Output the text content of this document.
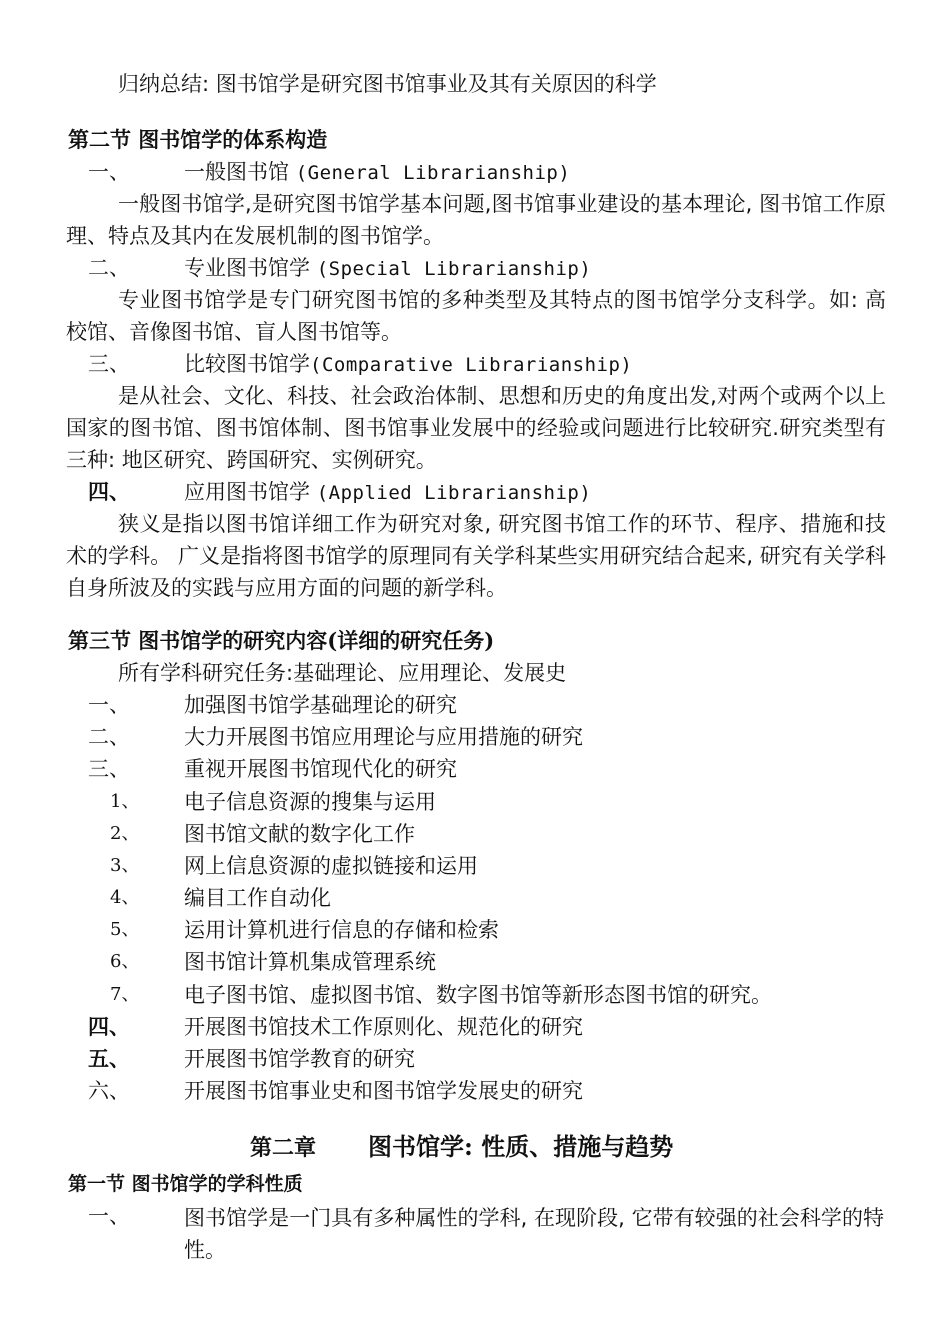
归纳总结: 图书馆学是研究图书馆事业及其有关原因的科学
第二节 图书馆学的体系构造
一、	一般图书馆 (General Librarianship)
一般图书馆学,是研究图书馆学基本问题,图书馆事业建设的基本理论, 图书馆工作原理、特点及其内在发展机制的图书馆学。
二、	专业图书馆学 (Special Librarianship)
专业图书馆学是专门研究图书馆的多种类型及其特点的图书馆学分支科学。如: 高校馆、音像图书馆、盲人图书馆等。
三、	比较图书馆学(Comparative Librarianship)
是从社会、文化、科技、社会政治体制、思想和历史的角度出发,对两个或两个以上国家的图书馆、图书馆体制、图书馆事业发展中的经验或问题进行比较研究.研究类型有三种: 地区研究、跨国研究、实例研究。
四、	应用图书馆学 (Applied Librarianship)
狭义是指以图书馆详细工作为研究对象, 研究图书馆工作的环节、程序、措施和技术的学科。 广义是指将图书馆学的原理同有关学科某些实用研究结合起来, 研究有关学科自身所波及的实践与应用方面的问题的新学科。
第三节 图书馆学的研究内容(详细的研究任务)
所有学科研究任务:基础理论、应用理论、发展史
一、	加强图书馆学基础理论的研究
二、	大力开展图书馆应用理论与应用措施的研究
三、	重视开展图书馆现代化的研究
1、 电子信息资源的搜集与运用
2、 图书馆文献的数字化工作
3、 网上信息资源的虚拟链接和运用
4、 编目工作自动化
5、 运用计算机进行信息的存储和检索
6、 图书馆计算机集成管理系统
7、 电子图书馆、虚拟图书馆、数字图书馆等新形态图书馆的研究。
四、	开展图书馆技术工作原则化、规范化的研究
五、	开展图书馆学教育的研究
六、	开展图书馆事业史和图书馆学发展史的研究
第二章 图书馆学: 性质、措施与趋势
第一节 图书馆学的学科性质
一、	图书馆学是一门具有多种属性的学科, 在现阶段, 它带有较强的社会科学的特性。
